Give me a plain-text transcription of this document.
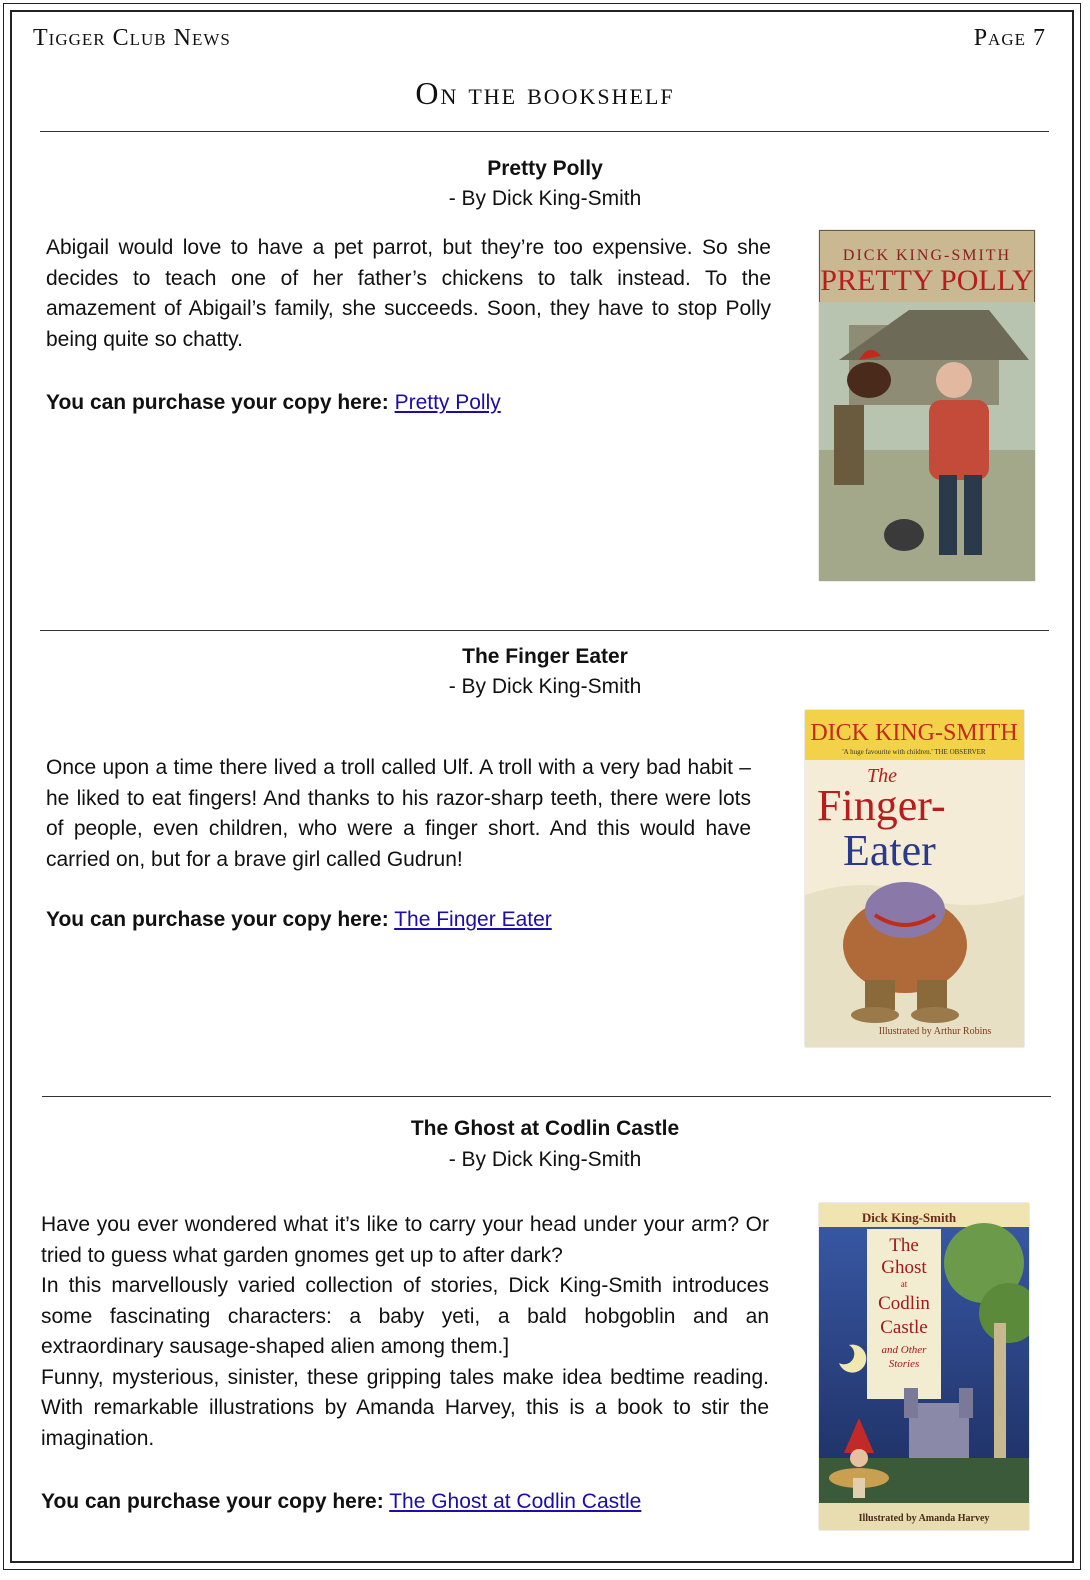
Tigger Club News	Page 7
On the bookshelf
Pretty Polly
- By Dick King-Smith

Abigail would love to have a pet parrot, but they’re too expensive. So she decides to teach one of her father’s chickens to talk instead. To the amazement of Abigail’s family, she succeeds. Soon, they have to stop Polly being quite so chatty.

You can purchase your copy here: Pretty Polly
DICK KING-SMITH
PRETTY POLLY
The Finger Eater
- By Dick King-Smith

Once upon a time there lived a troll called Ulf. A troll with a very bad habit – he liked to eat fingers! And thanks to his razor-sharp teeth, there were lots of people, even children, who were a finger short. And this would have carried on, but for a brave girl called Gudrun!

You can purchase your copy here: The Finger Eater
DICK KING-SMITH
'A huge favourite with children.' THE OBSERVER
The
Finger-
Eater
Illustrated by Arthur Robins
The Ghost at Codlin Castle
- By Dick King-Smith

Have you ever wondered what it’s like to carry your head under your arm? Or tried to guess what garden gnomes get up to after dark?

In this marvellously varied collection of stories, Dick King-Smith introduces some fascinating characters: a baby yeti, a bald hobgoblin and an extraordinary sausage-shaped alien among them.]

Funny, mysterious, sinister, these gripping tales make idea bedtime reading. With remarkable illustrations by Amanda Harvey, this is a book to stir the imagination.

You can purchase your copy here: The Ghost at Codlin Castle
Dick King-Smith
The
Ghost
at
Codlin
Castle
and Other
Stories
Illustrated by Amanda Harvey
